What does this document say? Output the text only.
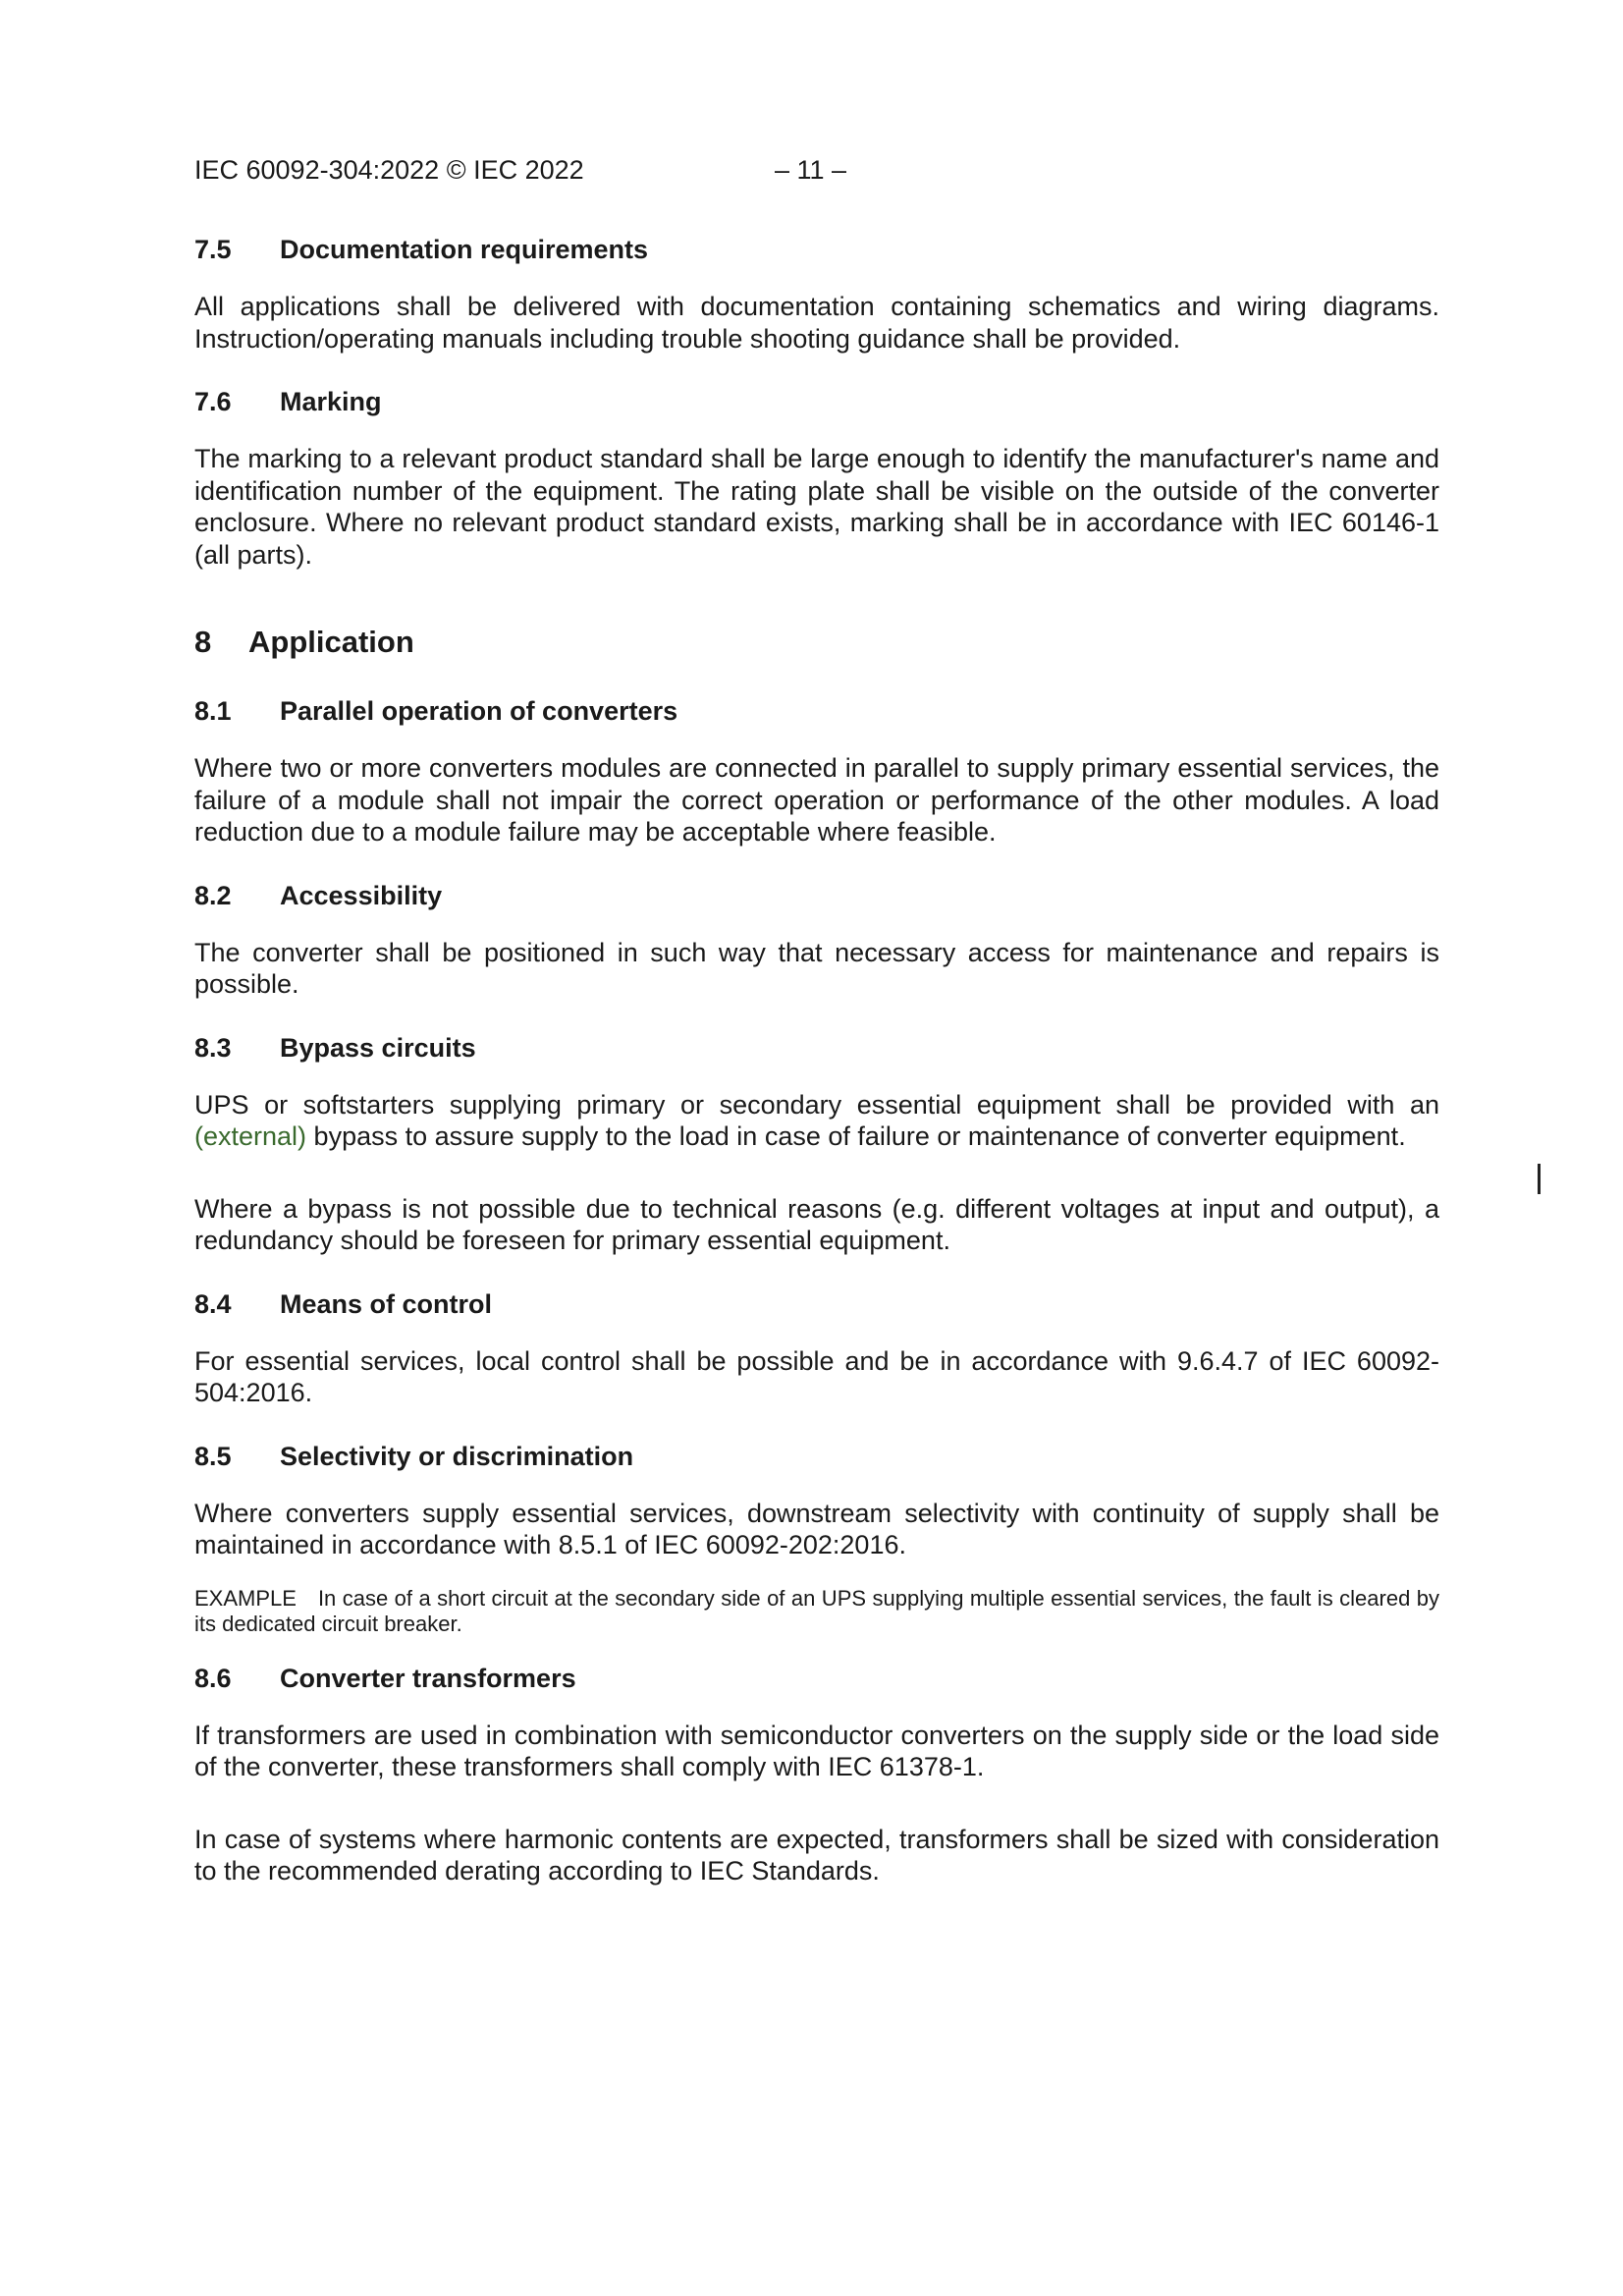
IEC 60092-304:2022 © IEC 2022	– 11 –
7.5	Documentation requirements

All applications shall be delivered with documentation containing schematics and wiring diagrams. Instruction/operating manuals including trouble shooting guidance shall be provided.

7.6	Marking

The marking to a relevant product standard shall be large enough to identify the manufacturer's name and identification number of the equipment. The rating plate shall be visible on the outside of the converter enclosure. Where no relevant product standard exists, marking shall be in accordance with IEC 60146-1 (all parts).

8	Application
8.1	Parallel operation of converters

Where two or more converters modules are connected in parallel to supply primary essential services, the failure of a module shall not impair the correct operation or performance of the other modules. A load reduction due to a module failure may be acceptable where feasible.

8.2	Accessibility

The converter shall be positioned in such way that necessary access for maintenance and repairs is possible.

8.3	Bypass circuits

UPS or softstarters supplying primary or secondary essential equipment shall be provided with an (external) bypass to assure supply to the load in case of failure or maintenance of converter equipment.

Where a bypass is not possible due to technical reasons (e.g. different voltages at input and output), a redundancy should be foreseen for primary essential equipment.

8.4	Means of control

For essential services, local control shall be possible and be in accordance with 9.6.4.7 of IEC 60092-504:2016.

8.5	Selectivity or discrimination

Where converters supply essential services, downstream selectivity with continuity of supply shall be maintained in accordance with 8.5.1 of IEC 60092-202:2016.

EXAMPLE In case of a short circuit at the secondary side of an UPS supplying multiple essential services, the fault is cleared by its dedicated circuit breaker.

8.6	Converter transformers

If transformers are used in combination with semiconductor converters on the supply side or the load side of the converter, these transformers shall comply with IEC 61378-1.

In case of systems where harmonic contents are expected, transformers shall be sized with consideration to the recommended derating according to IEC Standards.
